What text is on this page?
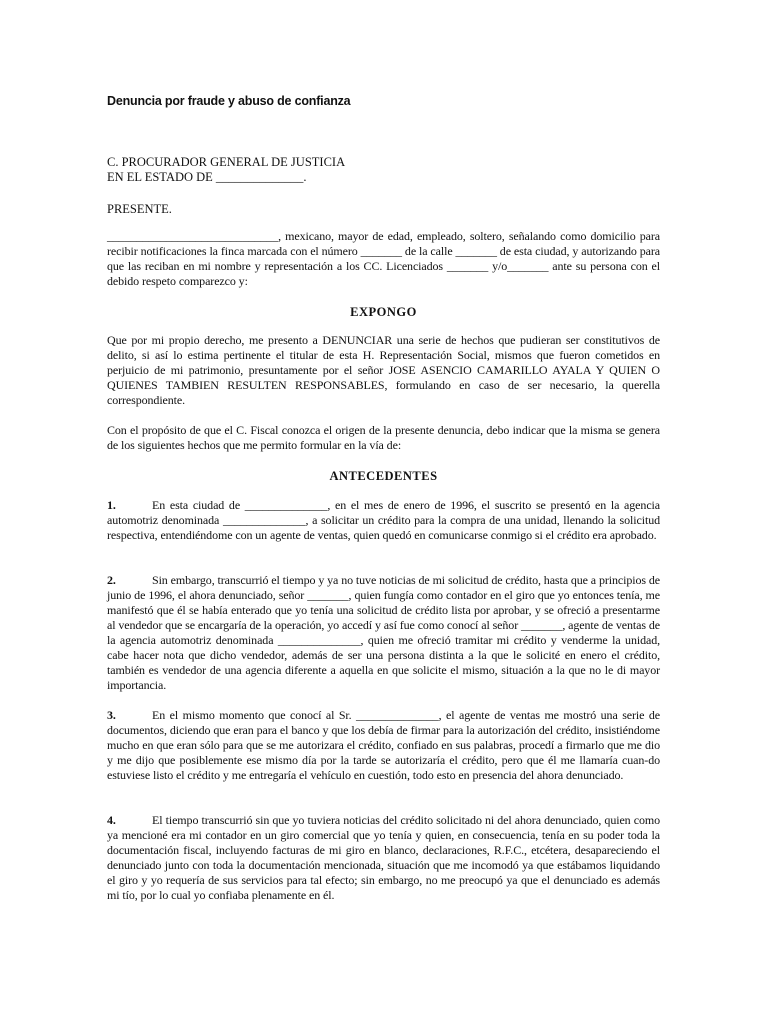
Denuncia por fraude y abuso de confianza
C. PROCURADOR GENERAL DE JUSTICIA
EN EL ESTADO DE ______________.
PRESENTE.
_____________________________, mexicano, mayor de edad, empleado, soltero, señalando como domicilio para recibir notificaciones la finca marcada con el número _______ de la calle _______ de esta ciudad, y autorizando para que las reciban en mi nombre y representación a los CC. Licenciados _______ y/o_______ ante su persona con el debido respeto comparezco y:
EXPONGO
Que por mi propio derecho, me presento a DENUNCIAR una serie de hechos que pudieran ser constitutivos de delito, si así lo estima pertinente el titular de esta H. Representación Social, mismos que fueron cometidos en perjuicio de mi patrimonio, presuntamente por el señor JOSE ASENCIO CAMARILLO AYALA Y QUIEN O QUIENES TAMBIEN RESULTEN RESPONSABLES, formulando en caso de ser necesario, la querella correspondiente.
Con el propósito de que el C. Fiscal conozca el origen de la presente denuncia, debo indicar que la misma se genera de los siguientes hechos que me permito formular en la vía de:
ANTECEDENTES
1.	En esta ciudad de ______________, en el mes de enero de 1996, el suscrito se presentó en la agencia automotriz denominada ______________, a solicitar un crédito para la compra de una unidad, llenando la solicitud respectiva, entendiéndome con un agente de ventas, quien quedó en comunicarse conmigo si el crédito era aprobado.
2.	Sin embargo, transcurrió el tiempo y ya no tuve noticias de mi solicitud de crédito, hasta que a principios de junio de 1996, el ahora denunciado, señor _______, quien fungía como contador en el giro que yo entonces tenía, me manifestó que él se había enterado que yo tenía una solicitud de crédito lista por aprobar, y se ofreció a presentarme al vendedor que se encargaría de la operación, yo accedí y así fue como conocí al señor _______, agente de ventas de la agencia automotriz denominada ______________, quien me ofreció tramitar mi crédito y venderme la unidad, cabe hacer nota que dicho vendedor, además de ser una persona distinta a la que le solicité en enero el crédito, también es vendedor de una agencia diferente a aquella en que solicite el mismo, situación a la que no le di mayor importancia.
3.	En el mismo momento que conocí al Sr. ______________, el agente de ventas me mostró una serie de documentos, diciendo que eran para el banco y que los debía de firmar para la autorización del crédito, insistiéndome mucho en que eran sólo para que se me autorizara el crédito, confiado en sus palabras, procedí a firmarlo que me dio y me dijo que posiblemente ese mismo día por la tarde se autorizaría el crédito, pero que él me llamaría cuan-do estuviese listo el crédito y me entregaría el vehículo en cuestión, todo esto en presencia del ahora denunciado.
4.	El tiempo transcurrió sin que yo tuviera noticias del crédito solicitado ni del ahora denunciado, quien como ya mencioné era mi contador en un giro comercial que yo tenía y quien, en consecuencia, tenía en su poder toda la documentación fiscal, incluyendo facturas de mi giro en blanco, declaraciones, R.F.C., etcétera, desapareciendo el denunciado junto con toda la documentación mencionada, situación que me incomodó ya que estábamos liquidando el giro y yo requería de sus servicios para tal efecto; sin embargo, no me preocupó ya que el denunciado es además mi tío, por lo cual yo confiaba plenamente en él.
